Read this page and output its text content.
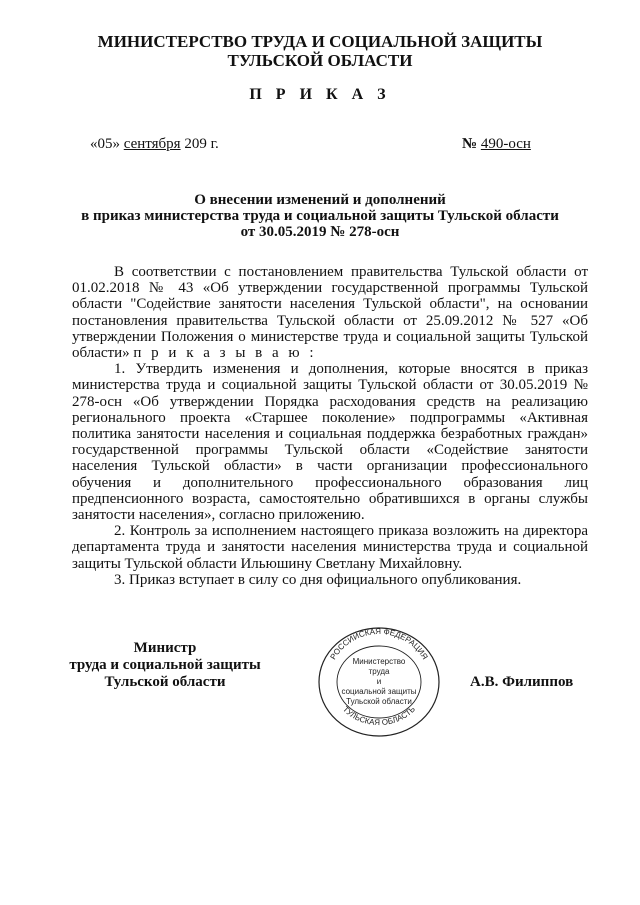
МИНИСТЕРСТВО ТРУДА И СОЦИАЛЬНОЙ ЗАЩИТЫ
ТУЛЬСКОЙ ОБЛАСТИ
П Р И К А З
«05» сентября 209 г.	№ 490-осн
О внесении изменений и дополнений
в приказ министерства труда и социальной защиты Тульской области
от 30.05.2019 № 278-осн

В соответствии с постановлением правительства Тульской области от 01.02.2018 № 43 «Об утверждении государственной программы Тульской области "Содействие занятости населения Тульской области", на основании постановления правительства Тульской области от 25.09.2012 № 527 «Об утверждении Положения о министерстве труда и социальной защиты Тульской области» п р и к а з ы в а ю :

1. Утвердить изменения и дополнения, которые вносятся в приказ министерства труда и социальной защиты Тульской области от 30.05.2019 № 278-осн «Об утверждении Порядка расходования средств на реализацию регионального проекта «Старшее поколение» подпрограммы «Активная политика занятости населения и социальная поддержка безработных граждан» государственной программы Тульской области «Содействие занятости населения Тульской области» в части организации профессионального обучения и дополнительного профессионального образования лиц предпенсионного возраста, самостоятельно обратившихся в органы службы занятости населения», согласно приложению.

2. Контроль за исполнением настоящего приказа возложить на директора департамента труда и занятости населения министерства труда и социальной защиты Тульской области Ильюшину Светлану Михайловну.

3. Приказ вступает в силу со дня официального опубликования.

Министр
труда и социальной защиты
Тульской области	А.В. Филиппов
РОССИЙСКАЯ ФЕДЕРАЦИЯ
ТУЛЬСКАЯ ОБЛАСТЬ
Министерство
труда
и
социальной защиты
Тульской области
